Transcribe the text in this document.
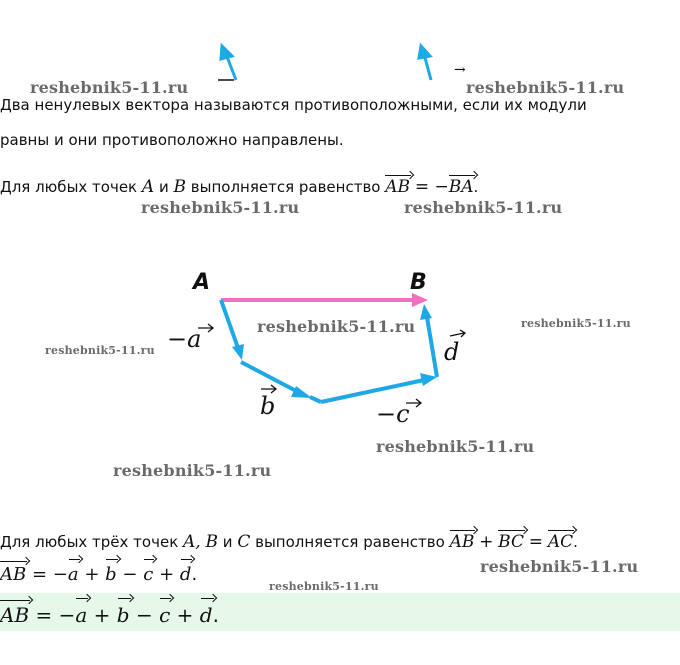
→
reshebnik5-11.ru	reshebnik5-11.ru
Два ненулевых вектора называются противоположными, если их модули
равны и они противоположно направлены.
Для любых точек A и B выполняется равенство AB = −BA.
reshebnik5-11.ru	reshebnik5-11.ru
A	B
−a
b	−c
d
reshebnik5-11.ru	reshebnik5-11.ru
reshebnik5-11.ru
reshebnik5-11.ru
reshebnik5-11.ru
Для любых трёх точек A, B и C выполняется равенство AB + BC = AC.
AB = −a + b − c + d.	reshebnik5-11.ru
reshebnik5-11.ru
AB = −a + b − c + d.
